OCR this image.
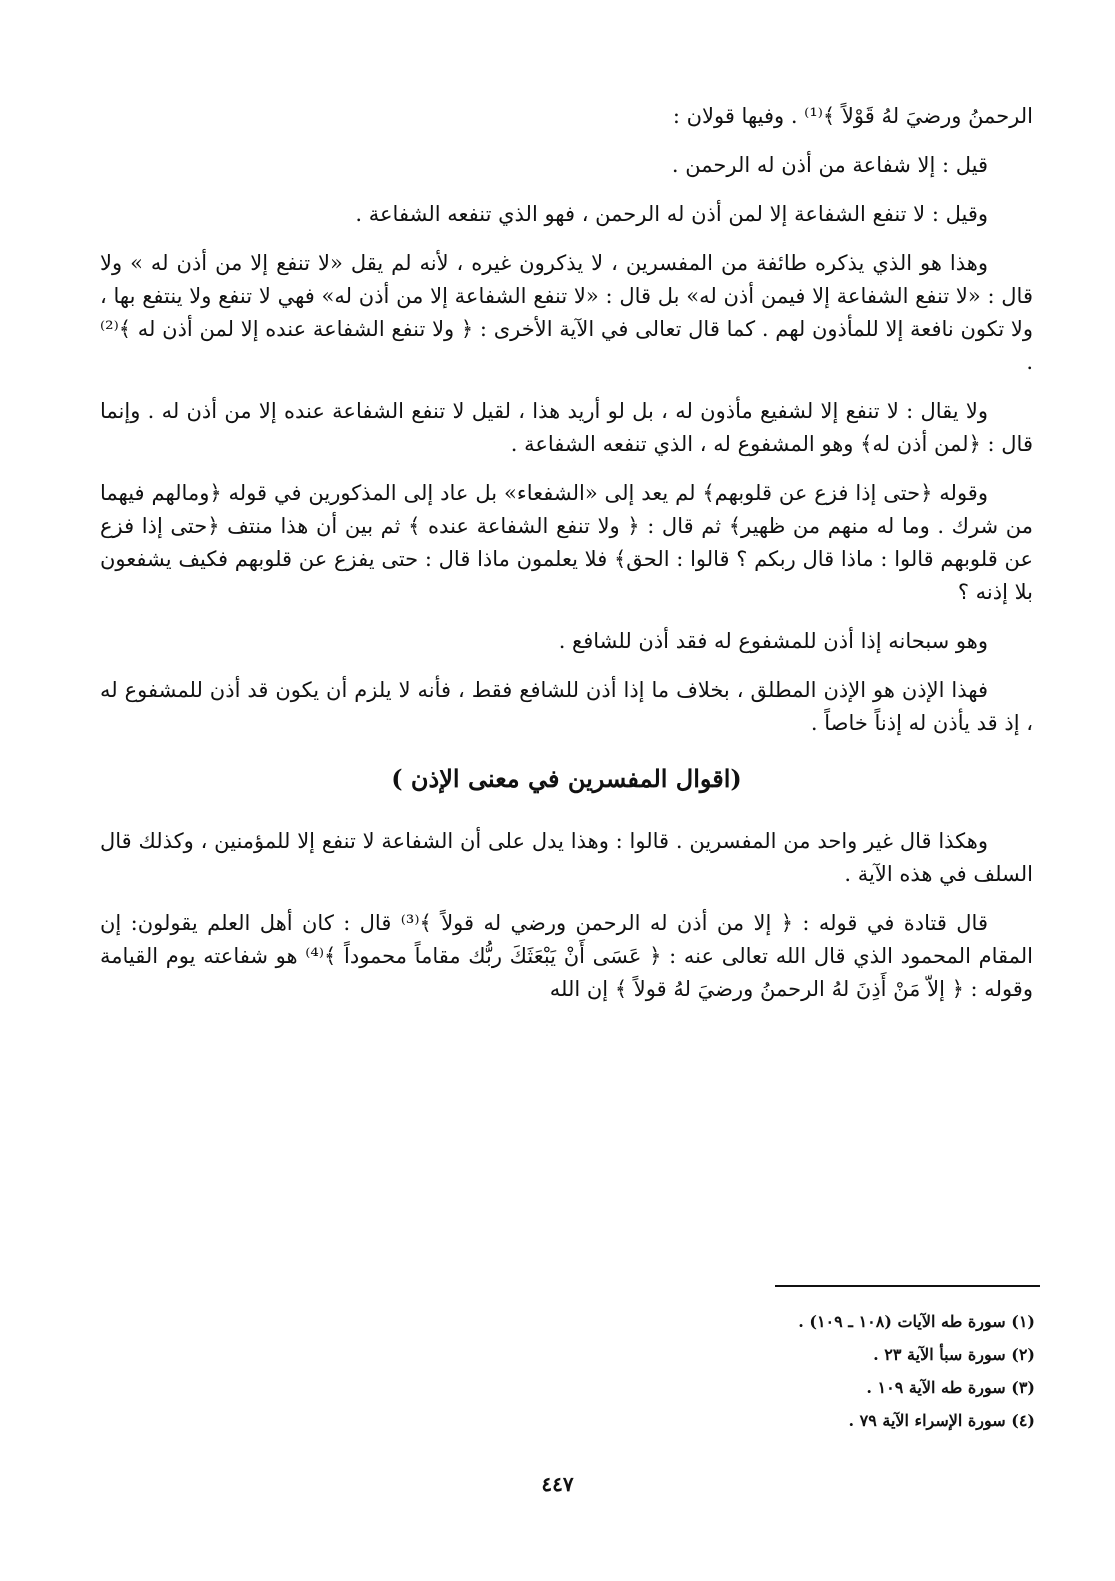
الرحمنُ ورضيَ لهُ قَوْلاً ﴾⁽¹⁾ . وفيها قولان :

قيل : إلا شفاعة من أذن له الرحمن .

وقيل : لا تنفع الشفاعة إلا لمن أذن له الرحمن ، فهو الذي تنفعه الشفاعة .

وهذا هو الذي يذكره طائفة من المفسرين ، لا يذكرون غيره ، لأنه لم يقل «لا تنفع إلا من أذن له » ولا قال : «لا تنفع الشفاعة إلا فيمن أذن له» بل قال : «لا تنفع الشفاعة إلا من أذن له» فهي لا تنفع ولا ينتفع بها ، ولا تكون نافعة إلا للمأذون لهم . كما قال تعالى في الآية الأخرى : ﴿ ولا تنفع الشفاعة عنده إلا لمن أذن له ﴾⁽²⁾ .

ولا يقال : لا تنفع إلا لشفيع مأذون له ، بل لو أريد هذا ، لقيل لا تنفع الشفاعة عنده إلا من أذن له . وإنما قال : ﴿لمن أذن له﴾ وهو المشفوع له ، الذي تنفعه الشفاعة .

وقوله ﴿حتى إذا فزع عن قلوبهم﴾ لم يعد إلى «الشفعاء» بل عاد إلى المذكورين في قوله ﴿ومالهم فيهما من شرك . وما له منهم من ظهير﴾ ثم قال : ﴿ ولا تنفع الشفاعة عنده ﴾ ثم بين أن هذا منتف ﴿حتى إذا فزع عن قلوبهم قالوا : ماذا قال ربكم ؟ قالوا : الحق﴾ فلا يعلمون ماذا قال : حتى يفزع عن قلوبهم فكيف يشفعون بلا إذنه ؟

وهو سبحانه إذا أذن للمشفوع له فقد أذن للشافع .

فهذا الإذن هو الإذن المطلق ، بخلاف ما إذا أذن للشافع فقط ، فأنه لا يلزم أن يكون قد أذن للمشفوع له ، إذ قد يأذن له إذناً خاصاً .

(اقوال المفسرين في معنى الإذن )

وهكذا قال غير واحد من المفسرين . قالوا : وهذا يدل على أن الشفاعة لا تنفع إلا للمؤمنين ، وكذلك قال السلف في هذه الآية .

قال قتادة في قوله : ﴿ إلا من أذن له الرحمن ورضي له قولاً ﴾⁽³⁾ قال : كان أهل العلم يقولون: إن المقام المحمود الذي قال الله تعالى عنه : ﴿ عَسَى أَنْ يَبْعَثَكَ ربُّك مقاماً محموداً ﴾⁽⁴⁾ هو شفاعته يوم القيامة وقوله : ﴿ إلاّ مَنْ أَذِنَ لهُ الرحمنُ ورضيَ لهُ قولاً ﴾ إن الله

(١) سورة طه الآيات (١٠٨ ـ ١٠٩) .

(٢) سورة سبأ الآية ٢٣ .

(٣) سورة طه الآية ١٠٩ .

(٤) سورة الإسراء الآية ٧٩ .

٤٤٧
